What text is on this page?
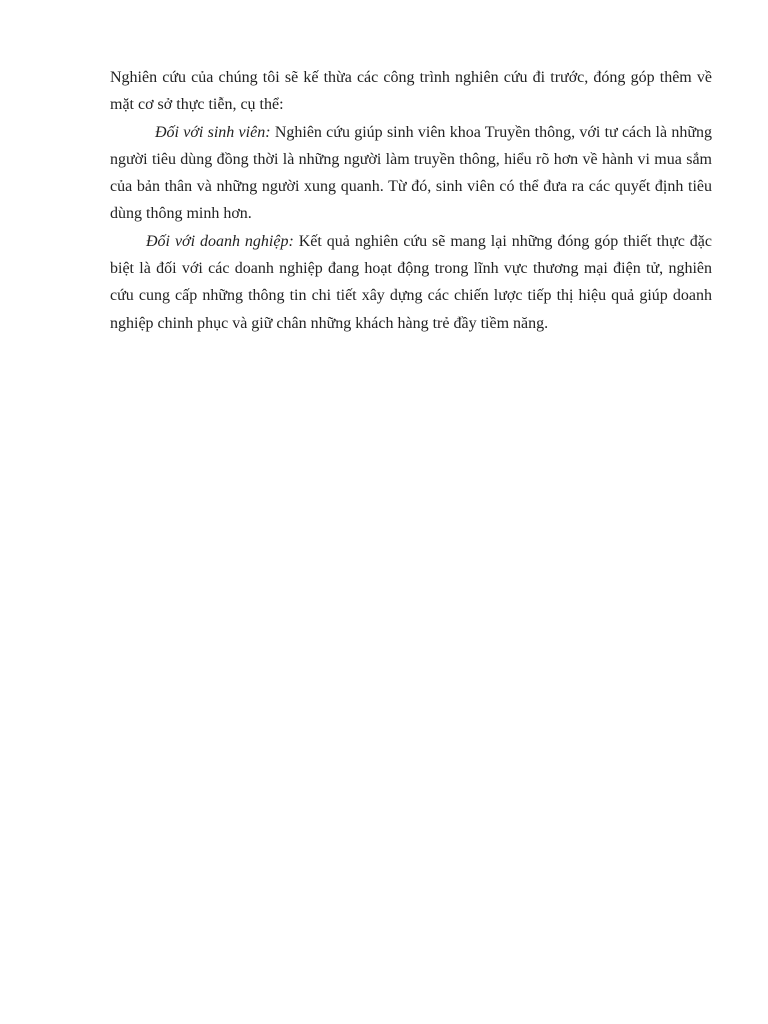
Nghiên cứu của chúng tôi sẽ kế thừa các công trình nghiên cứu đi trước, đóng góp thêm về mặt cơ sở thực tiễn, cụ thể:

Đối với sinh viên: Nghiên cứu giúp sinh viên khoa Truyền thông, với tư cách là những người tiêu dùng đồng thời là những người làm truyền thông, hiểu rõ hơn về hành vi mua sắm của bản thân và những người xung quanh. Từ đó, sinh viên có thể đưa ra các quyết định tiêu dùng thông minh hơn.

Đối với doanh nghiệp: Kết quả nghiên cứu sẽ mang lại những đóng góp thiết thực đặc biệt là đối với các doanh nghiệp đang hoạt động trong lĩnh vực thương mại điện tử, nghiên cứu cung cấp những thông tin chi tiết xây dựng các chiến lược tiếp thị hiệu quả giúp doanh nghiệp chinh phục và giữ chân những khách hàng trẻ đầy tiềm năng.
